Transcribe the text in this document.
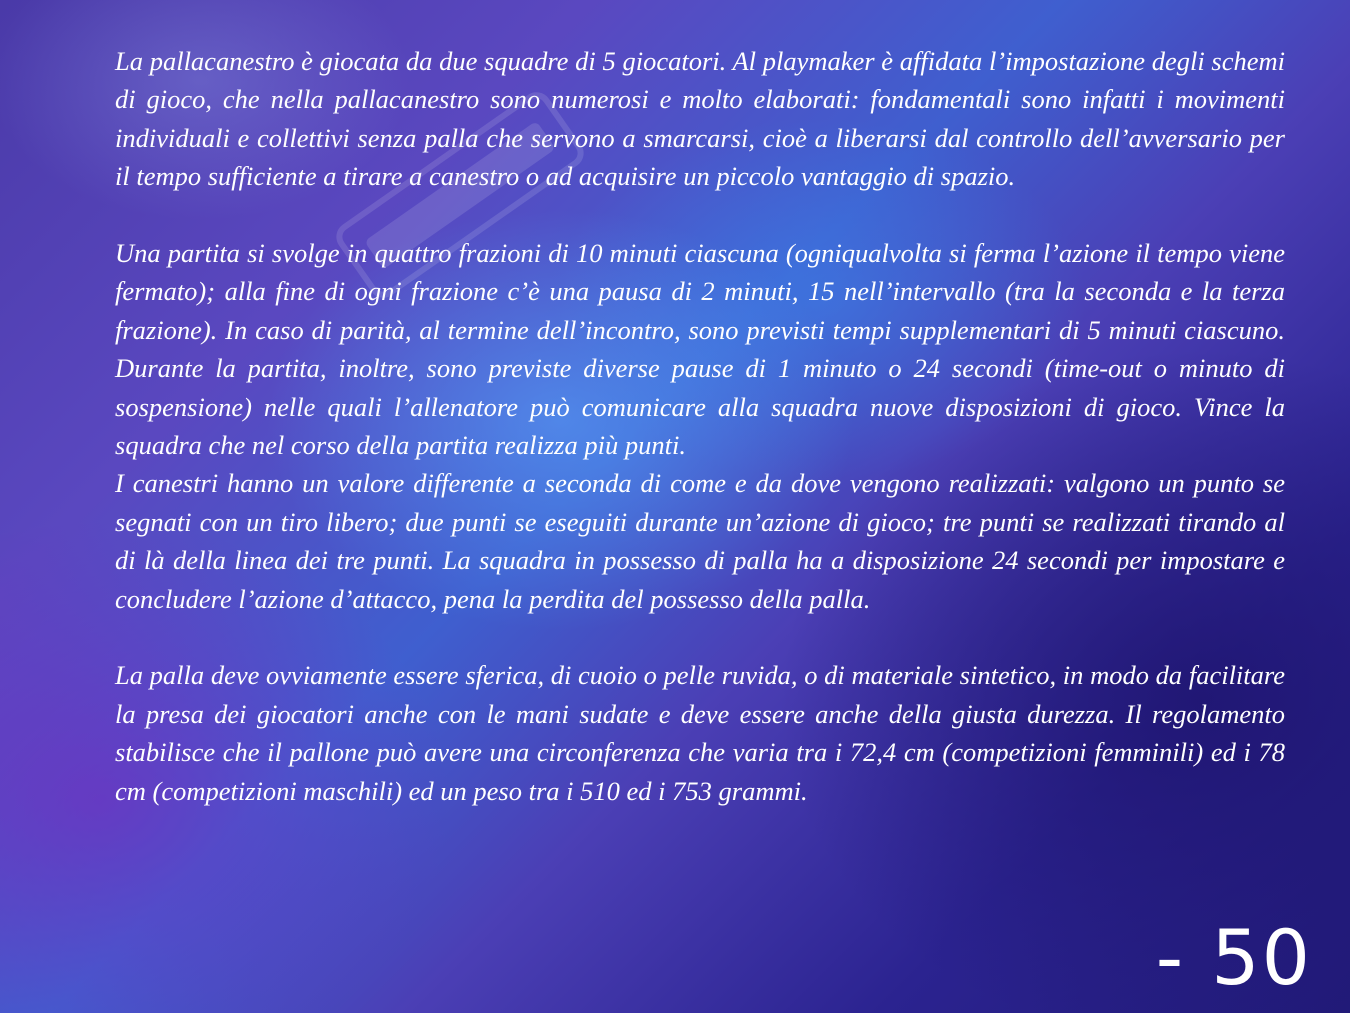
La pallacanestro è giocata da due squadre di 5 giocatori. Al playmaker è affidata l’impostazione degli schemi di gioco, che nella pallacanestro sono numerosi e molto elaborati: fondamentali sono infatti i movimenti individuali e collettivi senza palla che servono a smarcarsi, cioè a liberarsi dal controllo dell’avversario per il tempo sufficiente a tirare a canestro o ad acquisire un piccolo vantaggio di spazio.

Una partita si svolge in quattro frazioni di 10 minuti ciascuna (ogniqualvolta si ferma l’azione il tempo viene fermato); alla fine di ogni frazione c’è una pausa di 2 minuti, 15 nell’intervallo (tra la seconda e la terza frazione). In caso di parità, al termine dell’incontro, sono previsti tempi supplementari di 5 minuti ciascuno. Durante la partita, inoltre, sono previste diverse pause di 1 minuto o 24 secondi (time-out o minuto di sospensione) nelle quali l’allenatore può comunicare alla squadra nuove disposizioni di gioco. Vince la squadra che nel corso della partita realizza più punti.

I canestri hanno un valore differente a seconda di come e da dove vengono realizzati: valgono un punto se segnati con un tiro libero; due punti se eseguiti durante un’azione di gioco; tre punti se realizzati tirando al di là della linea dei tre punti. La squadra in possesso di palla ha a disposizione 24 secondi per impostare e concludere l’azione d’attacco, pena la perdita del possesso della palla.

La palla deve ovviamente essere sferica, di cuoio o pelle ruvida, o di materiale sintetico, in modo da facilitare la presa dei giocatori anche con le mani sudate e deve essere anche della giusta durezza. Il regolamento stabilisce che il pallone può avere una circonferenza che varia tra i 72,4 cm (competizioni femminili) ed i 78 cm (competizioni maschili) ed un peso tra i 510 ed i 753 grammi.

- 50
